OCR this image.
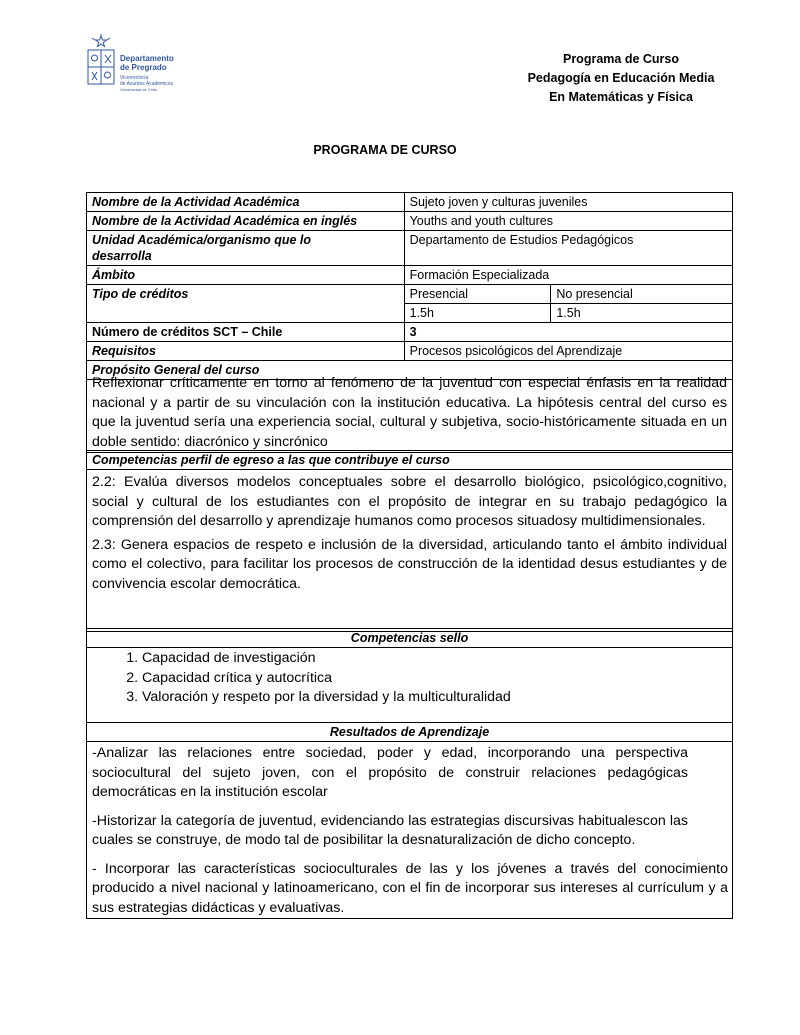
Departamento
de Pregrado
Vicerrectoría
de Asuntos Académicos
Universidad de Chile
Programa de Curso
Pedagogía en Educación Media
En Matemáticas y Física
PROGRAMA DE CURSO
Nombre de la Actividad Académica	Sujeto joven y culturas juveniles	
Nombre de la Actividad Académica en inglés	Youths and youth cultures	
Unidad Académica/organismo que lo desarrolla	Departamento de Estudios Pedagógicos	
Ámbito	Formación Especializada	
Tipo de créditos	Presencial	No presencial
	1.5h	1.5h
Número de créditos SCT – Chile	3	
Requisitos	Procesos psicológicos del Aprendizaje	
Propósito General del curso		
Reflexionar críticamente en torno al fenómeno de la juventud con especial énfasis en la realidad nacional y a partir de su vinculación con la institución educativa. La hipótesis central del curso es que la juventud sería una experiencia social, cultural y subjetiva, socio-históricamente situada en un doble sentido: diacrónico y sincrónico
Competencias perfil de egreso a las que contribuye el curso

2.2: Evalúa diversos modelos conceptuales sobre el desarrollo biológico, psicológico,cognitivo, social y cultural de los estudiantes con el propósito de integrar en su trabajo pedagógico la comprensión del desarrollo y aprendizaje humanos como procesos situadosy multidimensionales.

2.3: Genera espacios de respeto e inclusión de la diversidad, articulando tanto el ámbito individual como el colectivo, para facilitar los procesos de construcción de la identidad desus estudiantes y de convivencia escolar democrática.

Competencias sello
1. Capacidad de investigación
2. Capacidad crítica y autocrítica
3. Valoración y respeto por la diversidad y la multiculturalidad
Resultados de Aprendizaje

-Analizar las relaciones entre sociedad, poder y edad, incorporando una perspectiva sociocultural del sujeto joven, con el propósito de construir relaciones pedagógicas democráticas en la institución escolar

-Historizar la categoría de juventud, evidenciando las estrategias discursivas habitualescon las cuales se construye, de modo tal de posibilitar la desnaturalización de dicho concepto.

- Incorporar las características socioculturales de las y los jóvenes a través del conocimiento producido a nivel nacional y latinoamericano, con el fin de incorporar sus intereses al currículum y a sus estrategias didácticas y evaluativas.
